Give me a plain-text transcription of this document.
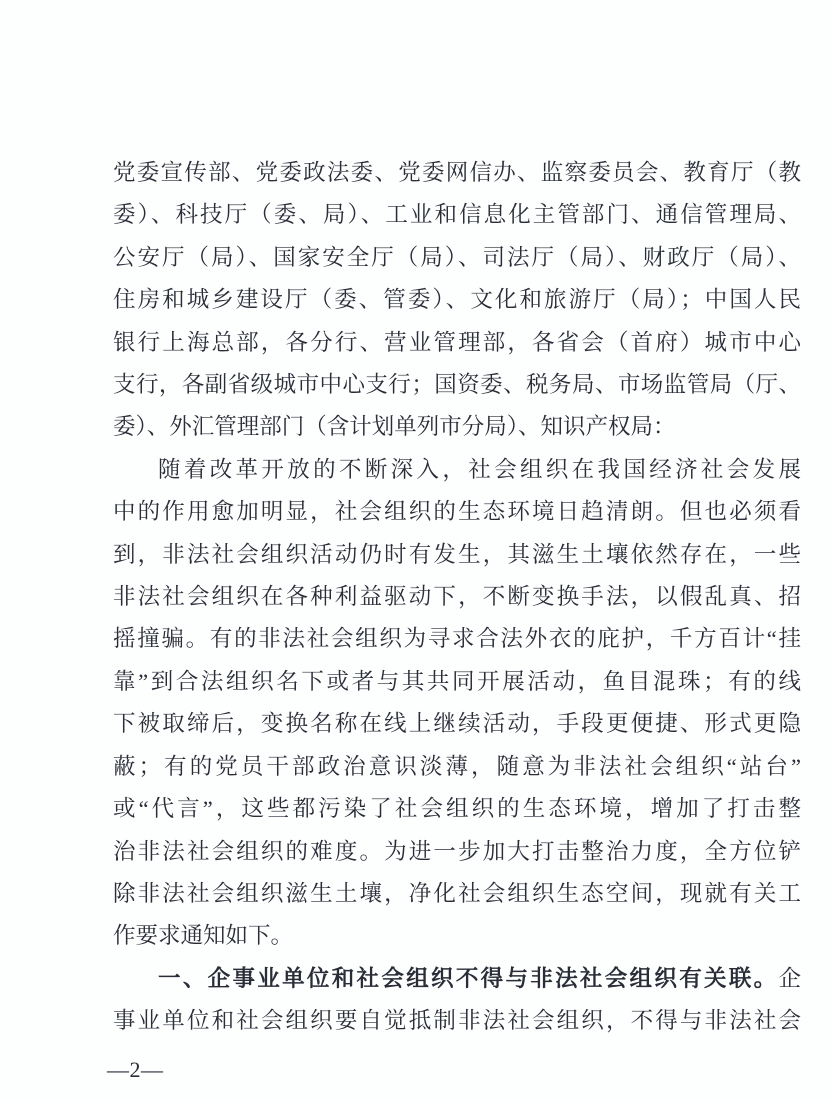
党委宣传部、党委政法委、党委网信办、监察委员会、教育厅（教
委）、科技厅（委、局）、工业和信息化主管部门、通信管理局、
公安厅（局）、国家安全厅（局）、司法厅（局）、财政厅（局）、
住房和城乡建设厅（委、管委）、文化和旅游厅（局）；中国人民
银行上海总部，各分行、营业管理部，各省会（首府）城市中心
支行，各副省级城市中心支行；国资委、税务局、市场监管局（厅、
委）、外汇管理部门（含计划单列市分局）、知识产权局：
随着改革开放的不断深入，社会组织在我国经济社会发展
中的作用愈加明显，社会组织的生态环境日趋清朗。但也必须看
到，非法社会组织活动仍时有发生，其滋生土壤依然存在，一些
非法社会组织在各种利益驱动下，不断变换手法，以假乱真、招
摇撞骗。有的非法社会组织为寻求合法外衣的庇护，千方百计“挂
靠”到合法组织名下或者与其共同开展活动，鱼目混珠；有的线
下被取缔后，变换名称在线上继续活动，手段更便捷、形式更隐
蔽；有的党员干部政治意识淡薄，随意为非法社会组织“站台”
或“代言”，这些都污染了社会组织的生态环境，增加了打击整
治非法社会组织的难度。为进一步加大打击整治力度，全方位铲
除非法社会组织滋生土壤，净化社会组织生态空间，现就有关工
作要求通知如下。
一、企事业单位和社会组织不得与非法社会组织有关联。企
事业单位和社会组织要自觉抵制非法社会组织，不得与非法社会
—2—
